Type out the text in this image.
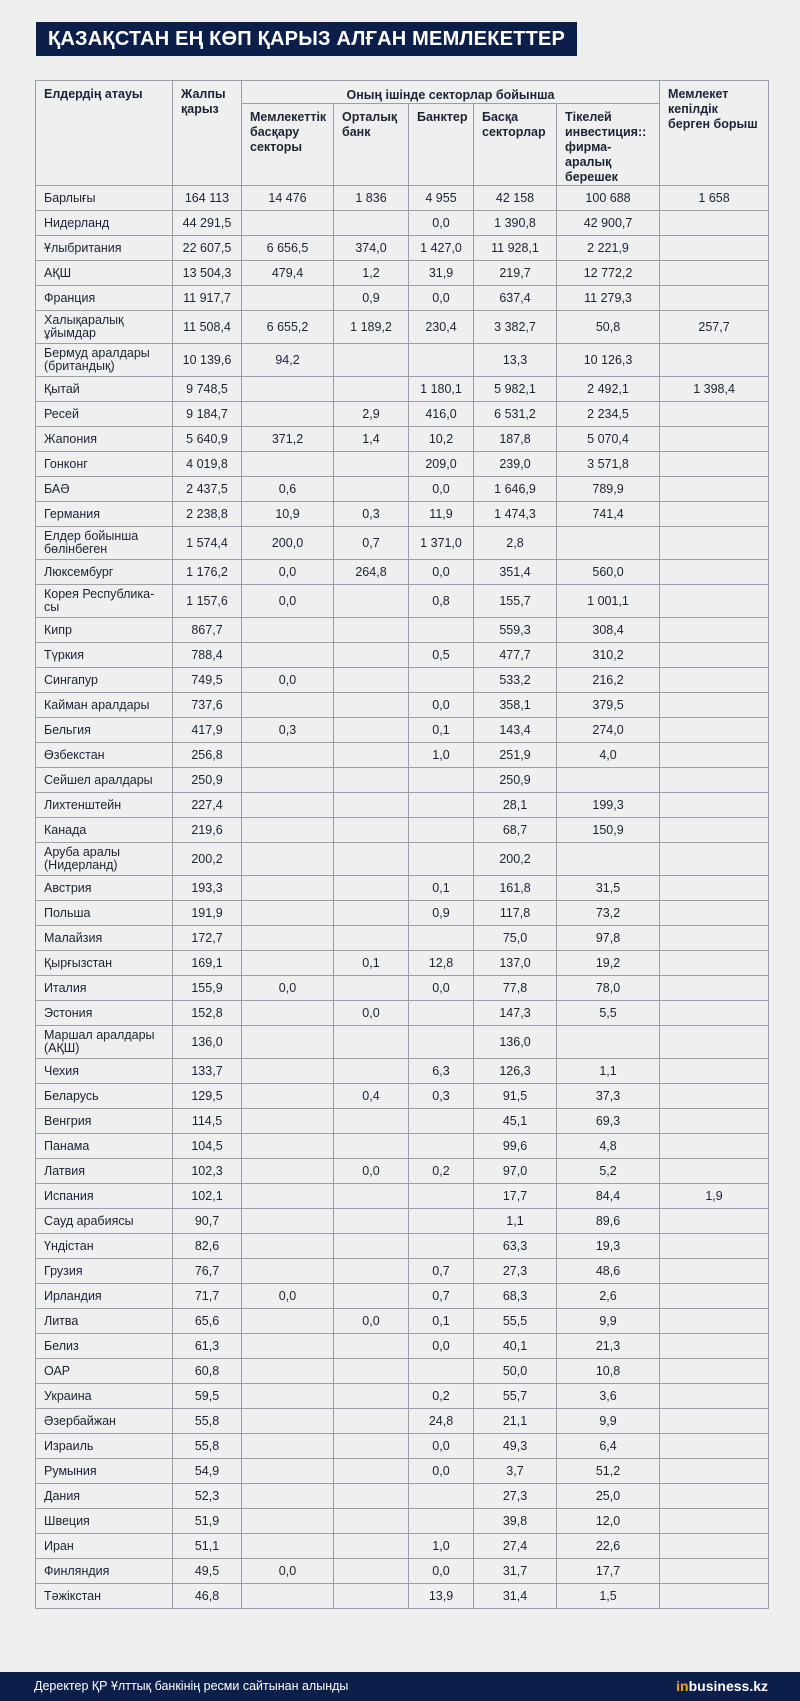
ҚАЗАҚСТАН ЕҢ КӨП ҚАРЫЗ АЛҒАН МЕМЛЕКЕТТЕР
Елдердің атауы	Жалпы қарыз	Оның ішінде секторлар бойынша					Мемлекет кепілдік берген борыш
		Мемлекеттік басқару секторы	Орталық банк	Банктер	Басқа секторлар	Тікелей инвестиция:: фирма-аралық берешек	
Барлығы	164 113	14 476	1 836	4 955	42 158	100 688	1 658
Нидерланд	44 291,5			0,0	1 390,8	42 900,7	
Ұлыбритания	22 607,5	6 656,5	374,0	1 427,0	11 928,1	2 221,9	
АҚШ	13 504,3	479,4	1,2	31,9	219,7	12 772,2	
Франция	11 917,7		0,9	0,0	637,4	11 279,3	
Халықаралық ұйымдар	11 508,4	6 655,2	1 189,2	230,4	3 382,7	50,8	257,7
Бермуд аралдары (британдық)	10 139,6	94,2			13,3	10 126,3	
Қытай	9 748,5			1 180,1	5 982,1	2 492,1	1 398,4
Ресей	9 184,7		2,9	416,0	6 531,2	2 234,5	
Жапония	5 640,9	371,2	1,4	10,2	187,8	5 070,4	
Гонконг	4 019,8			209,0	239,0	3 571,8	
БАӘ	2 437,5	0,6		0,0	1 646,9	789,9	
Германия	2 238,8	10,9	0,3	11,9	1 474,3	741,4	
Елдер бойынша бөлінбеген	1 574,4	200,0	0,7	1 371,0	2,8		
Люксембург	1 176,2	0,0	264,8	0,0	351,4	560,0	
Корея Республика-сы	1 157,6	0,0		0,8	155,7	1 001,1	
Кипр	867,7				559,3	308,4	
Түркия	788,4			0,5	477,7	310,2	
Сингапур	749,5	0,0			533,2	216,2	
Кайман аралдары	737,6			0,0	358,1	379,5	
Бельгия	417,9	0,3		0,1	143,4	274,0	
Өзбекстан	256,8			1,0	251,9	4,0	
Сейшел аралдары	250,9				250,9		
Лихтенштейн	227,4				28,1	199,3	
Канада	219,6				68,7	150,9	
Аруба аралы (Нидерланд)	200,2				200,2		
Австрия	193,3			0,1	161,8	31,5	
Польша	191,9			0,9	117,8	73,2	
Малайзия	172,7				75,0	97,8	
Қырғызстан	169,1		0,1	12,8	137,0	19,2	
Италия	155,9	0,0		0,0	77,8	78,0	
Эстония	152,8		0,0		147,3	5,5	
Маршал аралдары (АҚШ)	136,0				136,0		
Чехия	133,7			6,3	126,3	1,1	
Беларусь	129,5		0,4	0,3	91,5	37,3	
Венгрия	114,5				45,1	69,3	
Панама	104,5				99,6	4,8	
Латвия	102,3		0,0	0,2	97,0	5,2	
Испания	102,1				17,7	84,4	1,9
Сауд арабиясы	90,7				1,1	89,6	
Үндістан	82,6				63,3	19,3	
Грузия	76,7			0,7	27,3	48,6	
Ирландия	71,7	0,0		0,7	68,3	2,6	
Литва	65,6		0,0	0,1	55,5	9,9	
Белиз	61,3			0,0	40,1	21,3	
ОАР	60,8				50,0	10,8	
Украина	59,5			0,2	55,7	3,6	
Әзербайжан	55,8			24,8	21,1	9,9	
Израиль	55,8			0,0	49,3	6,4	
Румыния	54,9			0,0	3,7	51,2	
Дания	52,3				27,3	25,0	
Швеция	51,9				39,8	12,0	
Иран	51,1			1,0	27,4	22,6	
Финляндия	49,5	0,0		0,0	31,7	17,7	
Тәжікстан	46,8			13,9	31,4	1,5	
Деректер ҚР Ұлттық банкінің ресми сайтынан алынды	inbusiness.kz
